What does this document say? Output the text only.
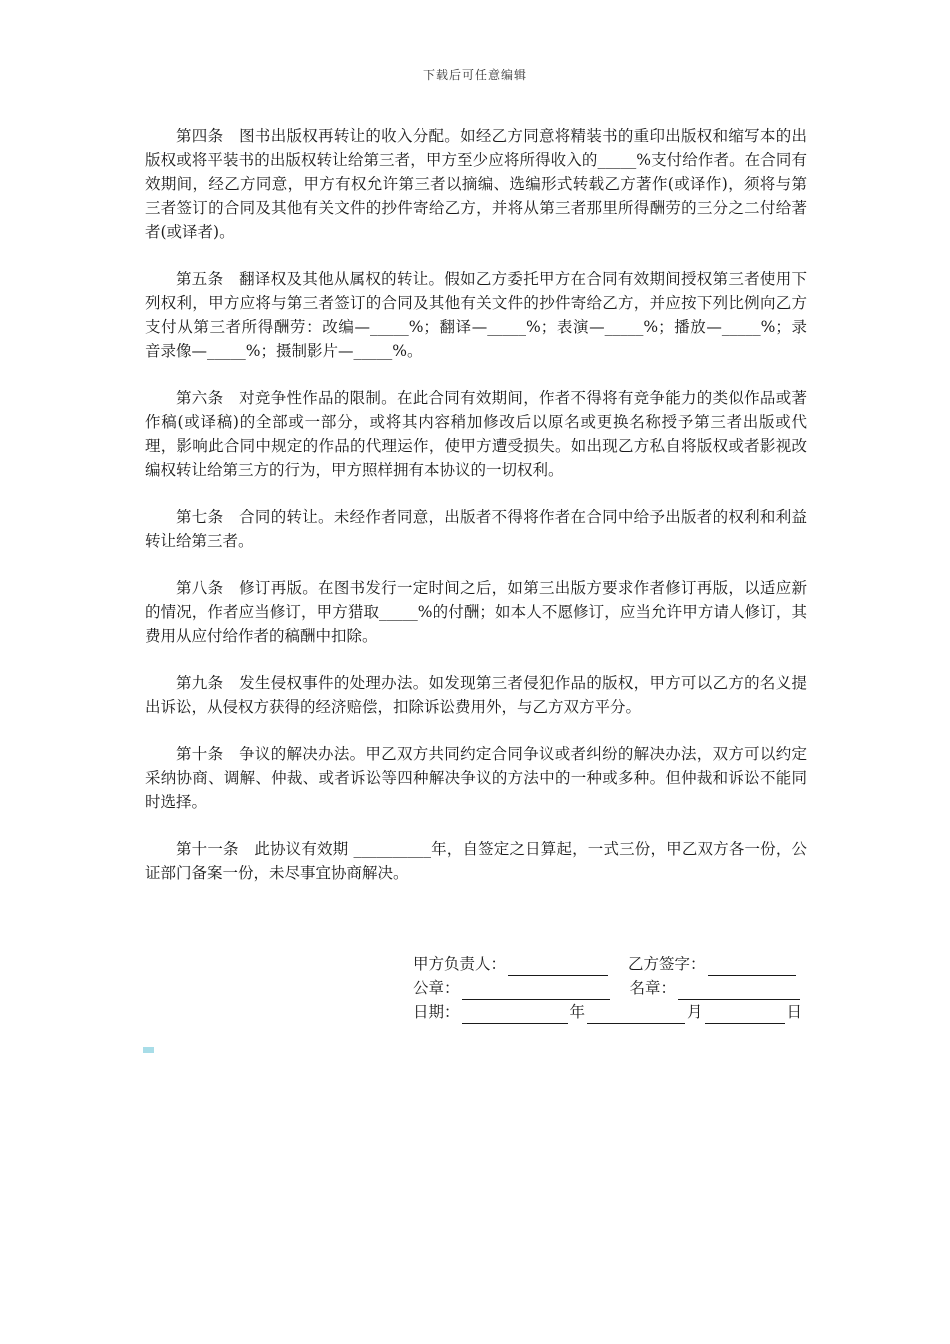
下载后可任意编辑

第四条　图书出版权再转让的收入分配。如经乙方同意将精装书的重印出版权和缩写本的出版权或将平装书的出版权转让给第三者，甲方至少应将所得收入的_____%支付给作者。在合同有效期间，经乙方同意，甲方有权允许第三者以摘编、选编形式转载乙方著作(或译作)，须将与第三者签订的合同及其他有关文件的抄件寄给乙方，并将从第三者那里所得酬劳的三分之二付给著者(或译者)。

第五条　翻译权及其他从属权的转让。假如乙方委托甲方在合同有效期间授权第三者使用下列权利，甲方应将与第三者签订的合同及其他有关文件的抄件寄给乙方，并应按下列比例向乙方支付从第三者所得酬劳：改编—_____%；翻译—_____%；表演—_____%；播放—_____%；录音录像—_____%；摄制影片—_____%。

第六条　对竞争性作品的限制。在此合同有效期间，作者不得将有竞争能力的类似作品或著作稿(或译稿)的全部或一部分，或将其内容稍加修改后以原名或更换名称授予第三者出版或代理，影响此合同中规定的作品的代理运作，使甲方遭受损失。如出现乙方私自将版权或者影视改编权转让给第三方的行为，甲方照样拥有本协议的一切权利。

第七条　合同的转让。未经作者同意，出版者不得将作者在合同中给予出版者的权利和利益转让给第三者。

第八条　修订再版。在图书发行一定时间之后，如第三出版方要求作者修订再版，以适应新的情况，作者应当修订，甲方猎取_____%的付酬；如本人不愿修订，应当允许甲方请人修订，其费用从应付给作者的稿酬中扣除。

第九条　发生侵权事件的处理办法。如发现第三者侵犯作品的版权，甲方可以乙方的名义提出诉讼，从侵权方获得的经济赔偿，扣除诉讼费用外，与乙方双方平分。

第十条　争议的解决办法。甲乙双方共同约定合同争议或者纠纷的解决办法，双方可以约定采纳协商、调解、仲裁、或者诉讼等四种解决争议的方法中的一种或多种。但仲裁和诉讼不能同时选择。

第十一条　此协议有效期 __________年，自签定之日算起，一式三份，甲乙双方各一份，公证部门备案一份，未尽事宜协商解决。

甲方负责人：	乙方签字：
公章：	名章：
日期：	年	月	日
